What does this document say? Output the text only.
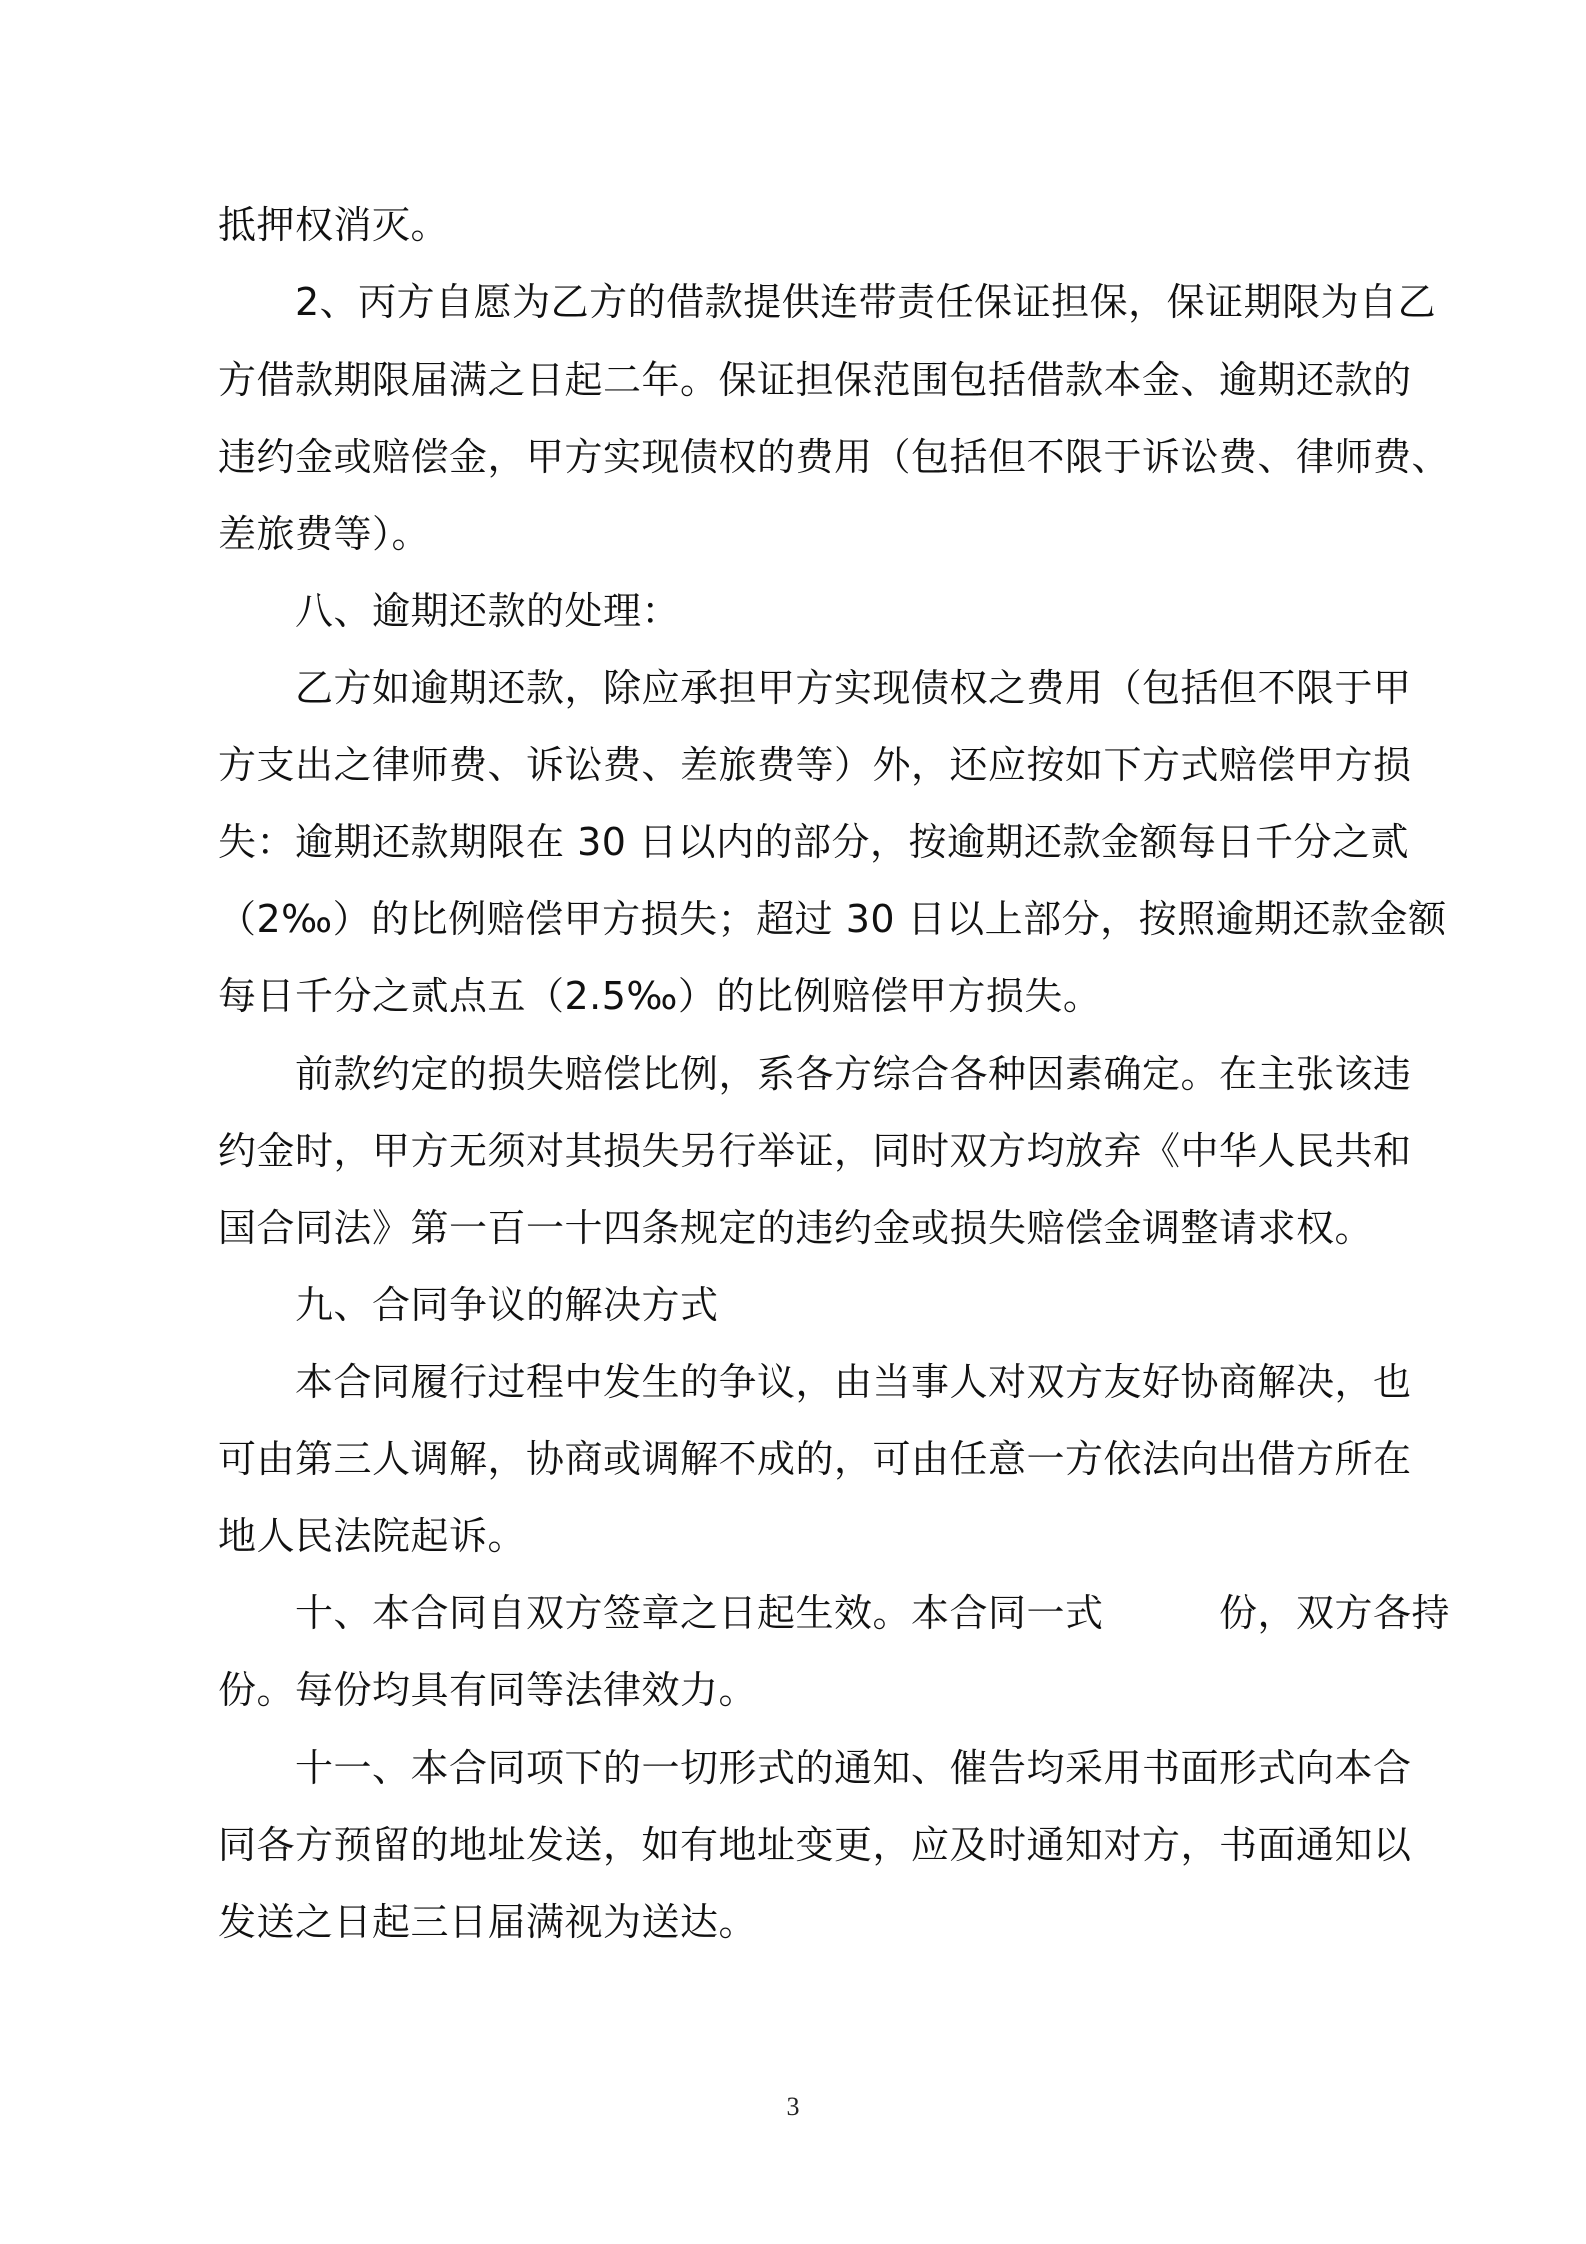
抵押权消灭。
2、丙方自愿为乙方的借款提供连带责任保证担保，保证期限为自乙
方借款期限届满之日起二年。保证担保范围包括借款本金、逾期还款的
违约金或赔偿金，甲方实现债权的费用（包括但不限于诉讼费、律师费、
差旅费等）。
八、逾期还款的处理：
乙方如逾期还款，除应承担甲方实现债权之费用（包括但不限于甲
方支出之律师费、诉讼费、差旅费等）外，还应按如下方式赔偿甲方损
失：逾期还款期限在 30 日以内的部分，按逾期还款金额每日千分之贰
（2‰）的比例赔偿甲方损失；超过 30 日以上部分，按照逾期还款金额
每日千分之贰点五（2.5‰）的比例赔偿甲方损失。
前款约定的损失赔偿比例，系各方综合各种因素确定。在主张该违
约金时，甲方无须对其损失另行举证，同时双方均放弃《中华人民共和
国合同法》第一百一十四条规定的违约金或损失赔偿金调整请求权。
九、合同争议的解决方式
本合同履行过程中发生的争议，由当事人对双方友好协商解决，也
可由第三人调解，协商或调解不成的，可由任意一方依法向出借方所在
地人民法院起诉。
十、本合同自双方签章之日起生效。本合同一式　　　份，双方各持
份。每份均具有同等法律效力。
十一、本合同项下的一切形式的通知、催告均采用书面形式向本合
同各方预留的地址发送，如有地址变更，应及时通知对方，书面通知以
发送之日起三日届满视为送达。
3
